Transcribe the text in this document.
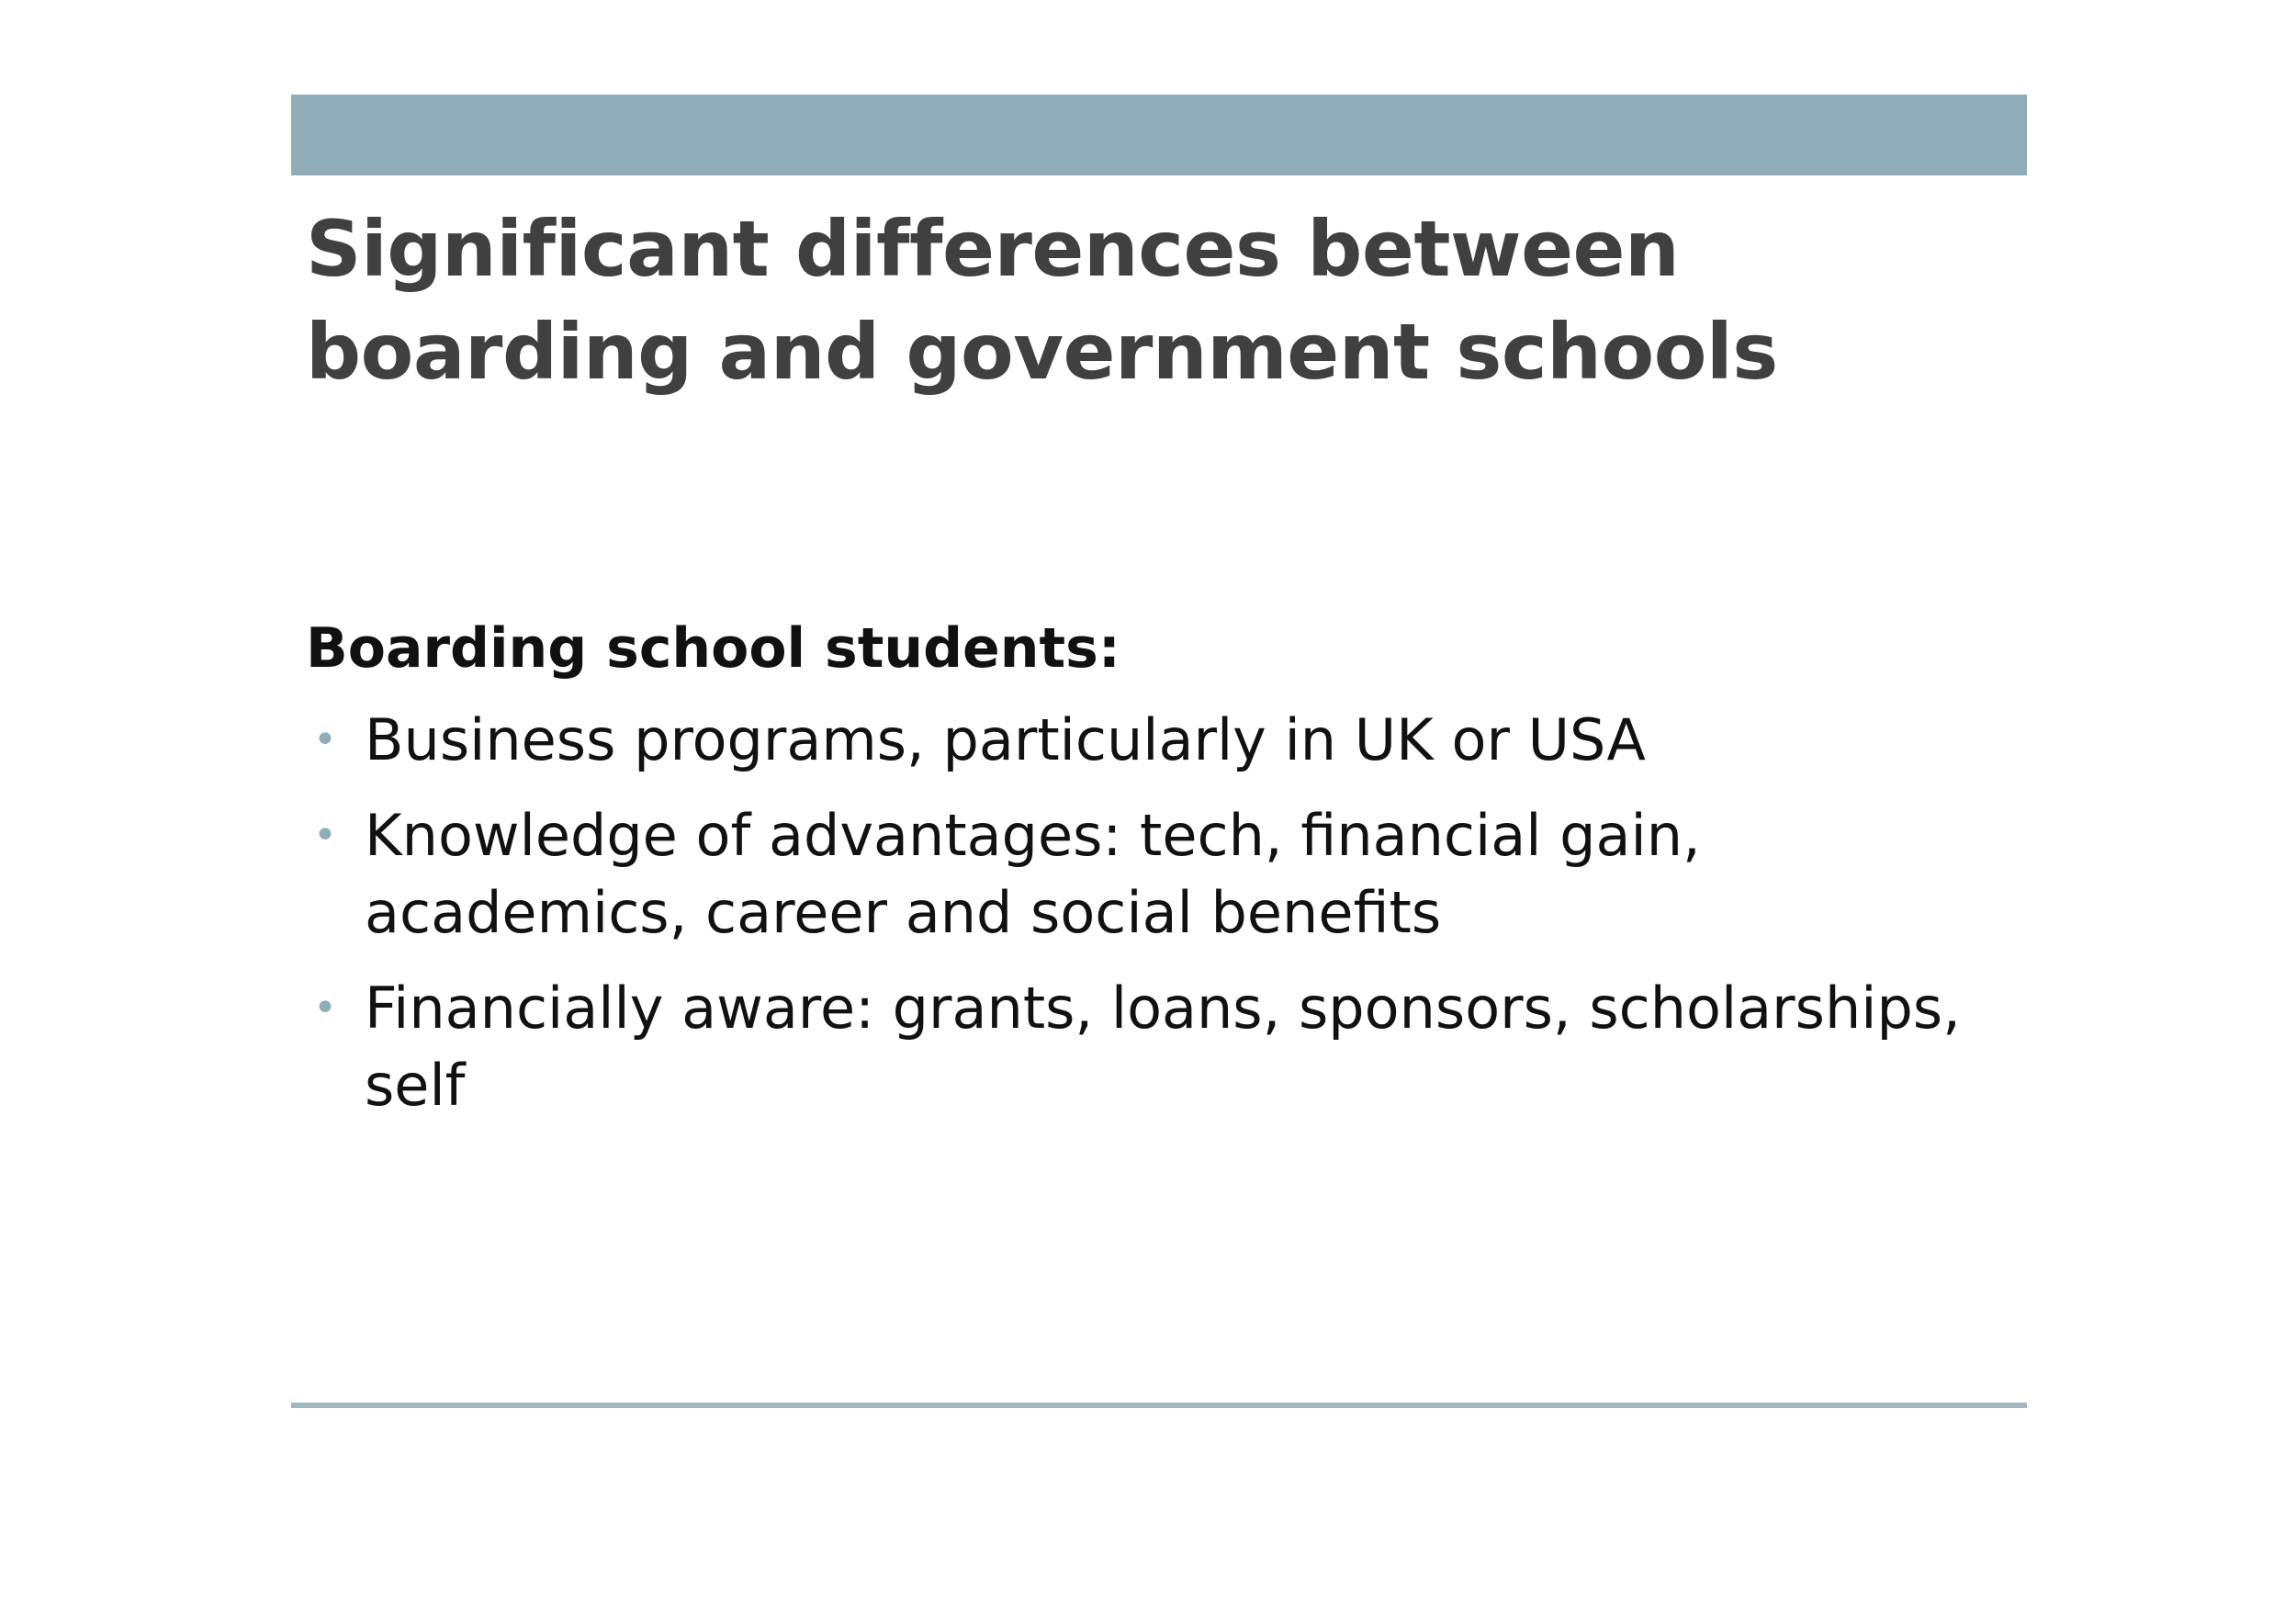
Significant differences between
boarding and government schools

Boarding school students:

• Business programs, particularly in UK or USA
• Knowledge of advantages: tech, financial gain, academics, career and social benefits
• Financially aware: grants, loans, sponsors, scholarships, self
